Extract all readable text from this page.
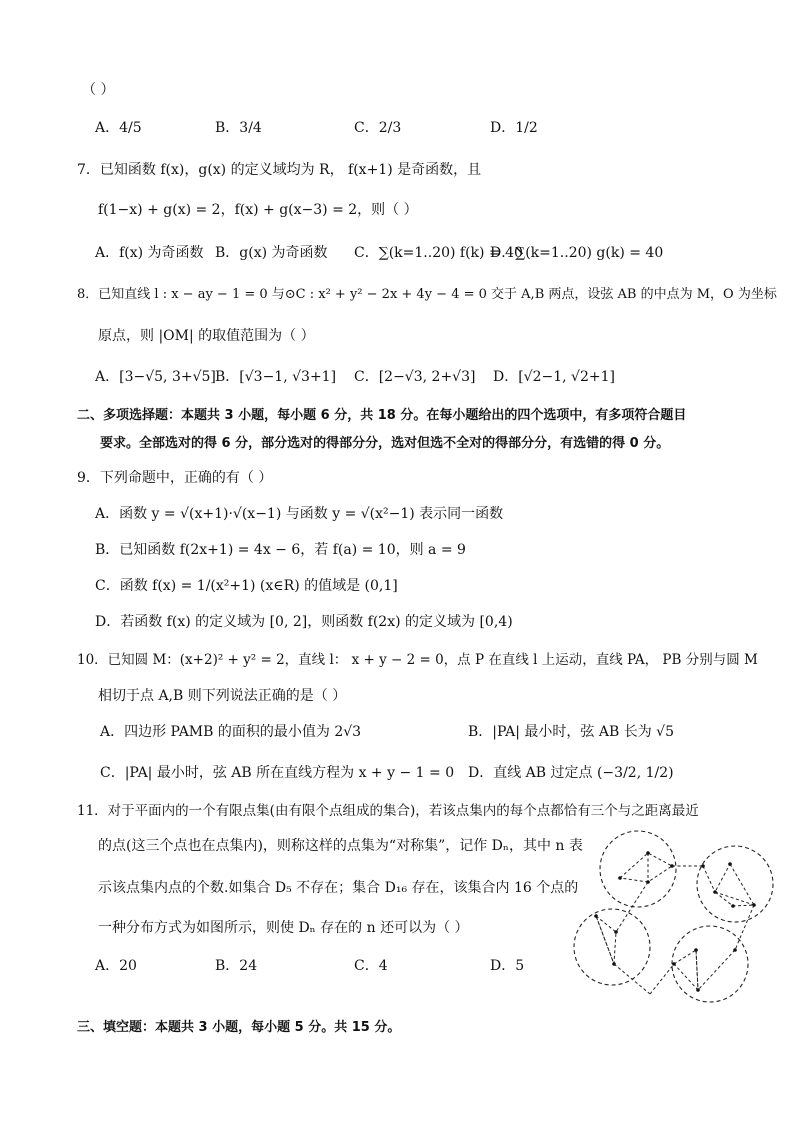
（ ）
A．4/5	B．3/4	C．2/3	D．1/2
7．已知函数 f(x)，g(x) 的定义域均为 R， f(x+1) 是奇函数，且
f(1−x) + g(x) = 2，f(x) + g(x−3) = 2，则（ ）
A．f(x) 为奇函数 B．g(x) 为奇函数 C．∑(k=1..20) f(k) = 40
D．∑(k=1..20) g(k) = 40
8．已知直线 l : x − ay − 1 = 0 与⊙C : x² + y² − 2x + 4y − 4 = 0 交于 A,B 两点，设弦 AB 的中点为 M，O 为坐标
原点，则 |OM| 的取值范围为（ ）
A．[3−√5, 3+√5] B．[√3−1, √3+1] C．[2−√3, 2+√3] D．[√2−1, √2+1]
二、多项选择题：本题共 3 小题，每小题 6 分，共 18 分。在每小题给出的四个选项中，有多项符合题目
要求。全部选对的得 6 分，部分选对的得部分分，选对但选不全对的得部分分，有选错的得 0 分。
9．下列命题中，正确的有（ ）
A．函数 y = √(x+1)·√(x−1) 与函数 y = √(x²−1) 表示同一函数
B．已知函数 f(2x+1) = 4x − 6，若 f(a) = 10，则 a = 9
C．函数 f(x) = 1/(x²+1) (x∈R) 的值域是 (0,1]
D．若函数 f(x) 的定义域为 [0, 2]，则函数 f(2x) 的定义域为 [0,4)
10．已知圆 M：(x+2)² + y² = 2，直线 l： x + y − 2 = 0，点 P 在直线 l 上运动，直线 PA， PB 分别与圆 M
相切于点 A,B 则下列说法正确的是（ ）
A．四边形 PAMB 的面积的最小值为 2√3	B．|PA| 最小时，弦 AB 长为 √5
C．|PA| 最小时，弦 AB 所在直线方程为 x + y − 1 = 0 D．直线 AB 过定点 (−3/2, 1/2)
11．对于平面内的一个有限点集(由有限个点组成的集合)，若该点集内的每个点都恰有三个与之距离最近
的点(这三个点也在点集内)，则称这样的点集为“对称集”，记作 Dₙ，其中 n 表
示该点集内点的个数.如集合 D₅ 不存在；集合 D₁₆ 存在，该集合内 16 个点的
一种分布方式为如图所示，则使 Dₙ 存在的 n 还可以为（ ）
A．20	B．24	C．4	D．5
三、填空题：本题共 3 小题，每小题 5 分。共 15 分。
